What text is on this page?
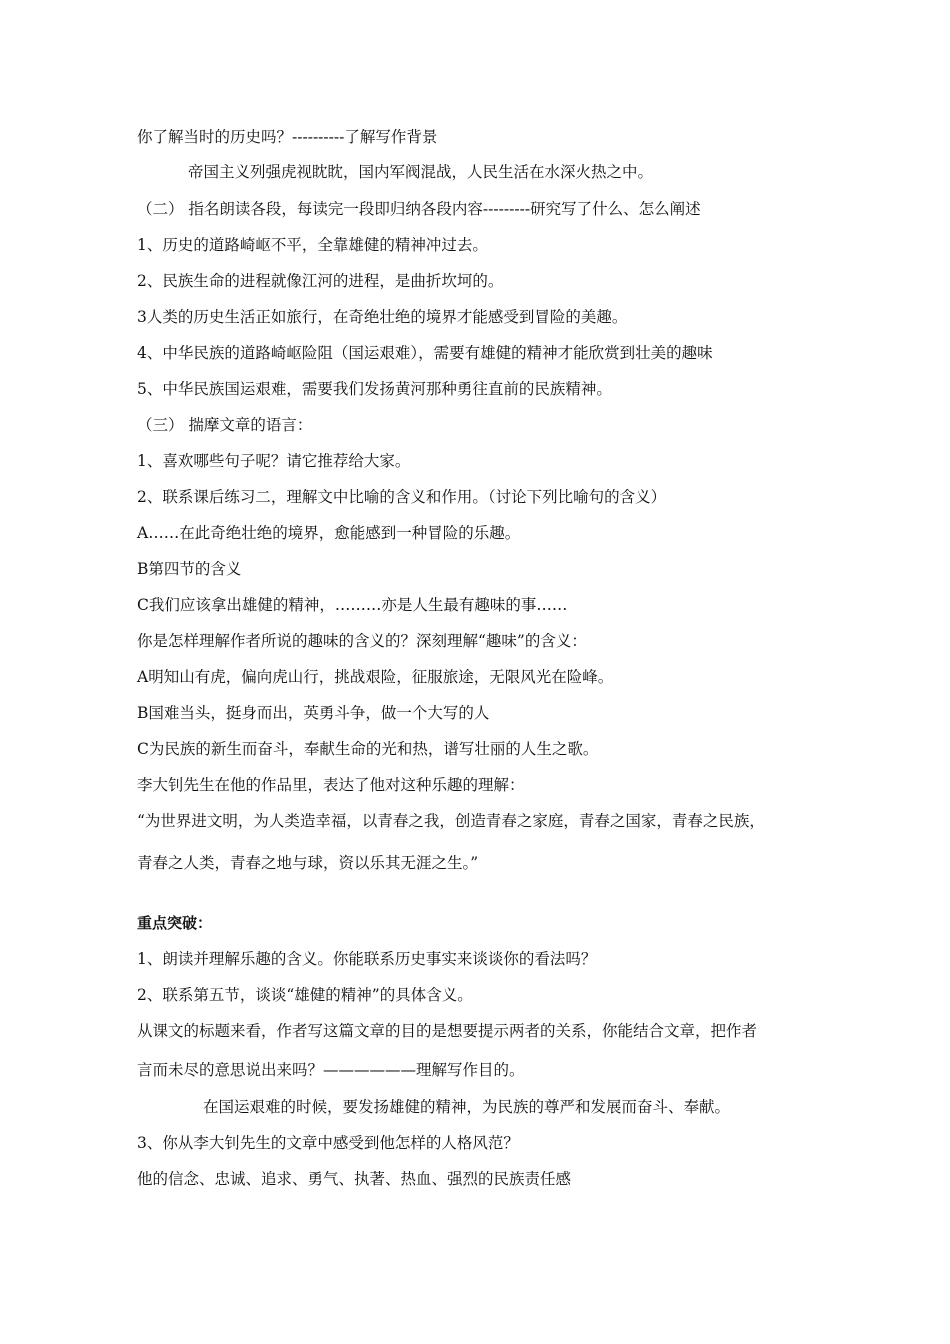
你了解当时的历史吗？----------了解写作背景
帝国主义列强虎视眈眈，国内军阀混战，人民生活在水深火热之中。
（二） 指名朗读各段，每读完一段即归纳各段内容---------研究写了什么、怎么阐述
1、历史的道路崎岖不平，全靠雄健的精神冲过去。
2、民族生命的进程就像江河的进程，是曲折坎坷的。
3人类的历史生活正如旅行，在奇绝壮绝的境界才能感受到冒险的美趣。
4、中华民族的道路崎岖险阻（国运艰难），需要有雄健的精神才能欣赏到壮美的趣味
5、中华民族国运艰难，需要我们发扬黄河那种勇往直前的民族精神。
（三） 揣摩文章的语言：
1、喜欢哪些句子呢？请它推荐给大家。
2、联系课后练习二，理解文中比喻的含义和作用。（讨论下列比喻句的含义）
A……在此奇绝壮绝的境界，愈能感到一种冒险的乐趣。
B第四节的含义
C我们应该拿出雄健的精神，………亦是人生最有趣味的事……
你是怎样理解作者所说的趣味的含义的？深刻理解“趣味”的含义：
A明知山有虎，偏向虎山行，挑战艰险，征服旅途，无限风光在险峰。
B国难当头，挺身而出，英勇斗争，做一个大写的人
C为民族的新生而奋斗，奉献生命的光和热，谱写壮丽的人生之歌。
李大钊先生在他的作品里，表达了他对这种乐趣的理解：
“为世界进文明，为人类造幸福，以青春之我，创造青春之家庭，青春之国家，青春之民族，
青春之人类，青春之地与球，资以乐其无涯之生。”
重点突破：
1、朗读并理解乐趣的含义。你能联系历史事实来谈谈你的看法吗？
2、联系第五节，谈谈“雄健的精神”的具体含义。
从课文的标题来看，作者写这篇文章的目的是想要提示两者的关系，你能结合文章，把作者
言而未尽的意思说出来吗？——————理解写作目的。
在国运艰难的时候，要发扬雄健的精神，为民族的尊严和发展而奋斗、奉献。
3、你从李大钊先生的文章中感受到他怎样的人格风范？
他的信念、忠诚、追求、勇气、执著、热血、强烈的民族责任感
